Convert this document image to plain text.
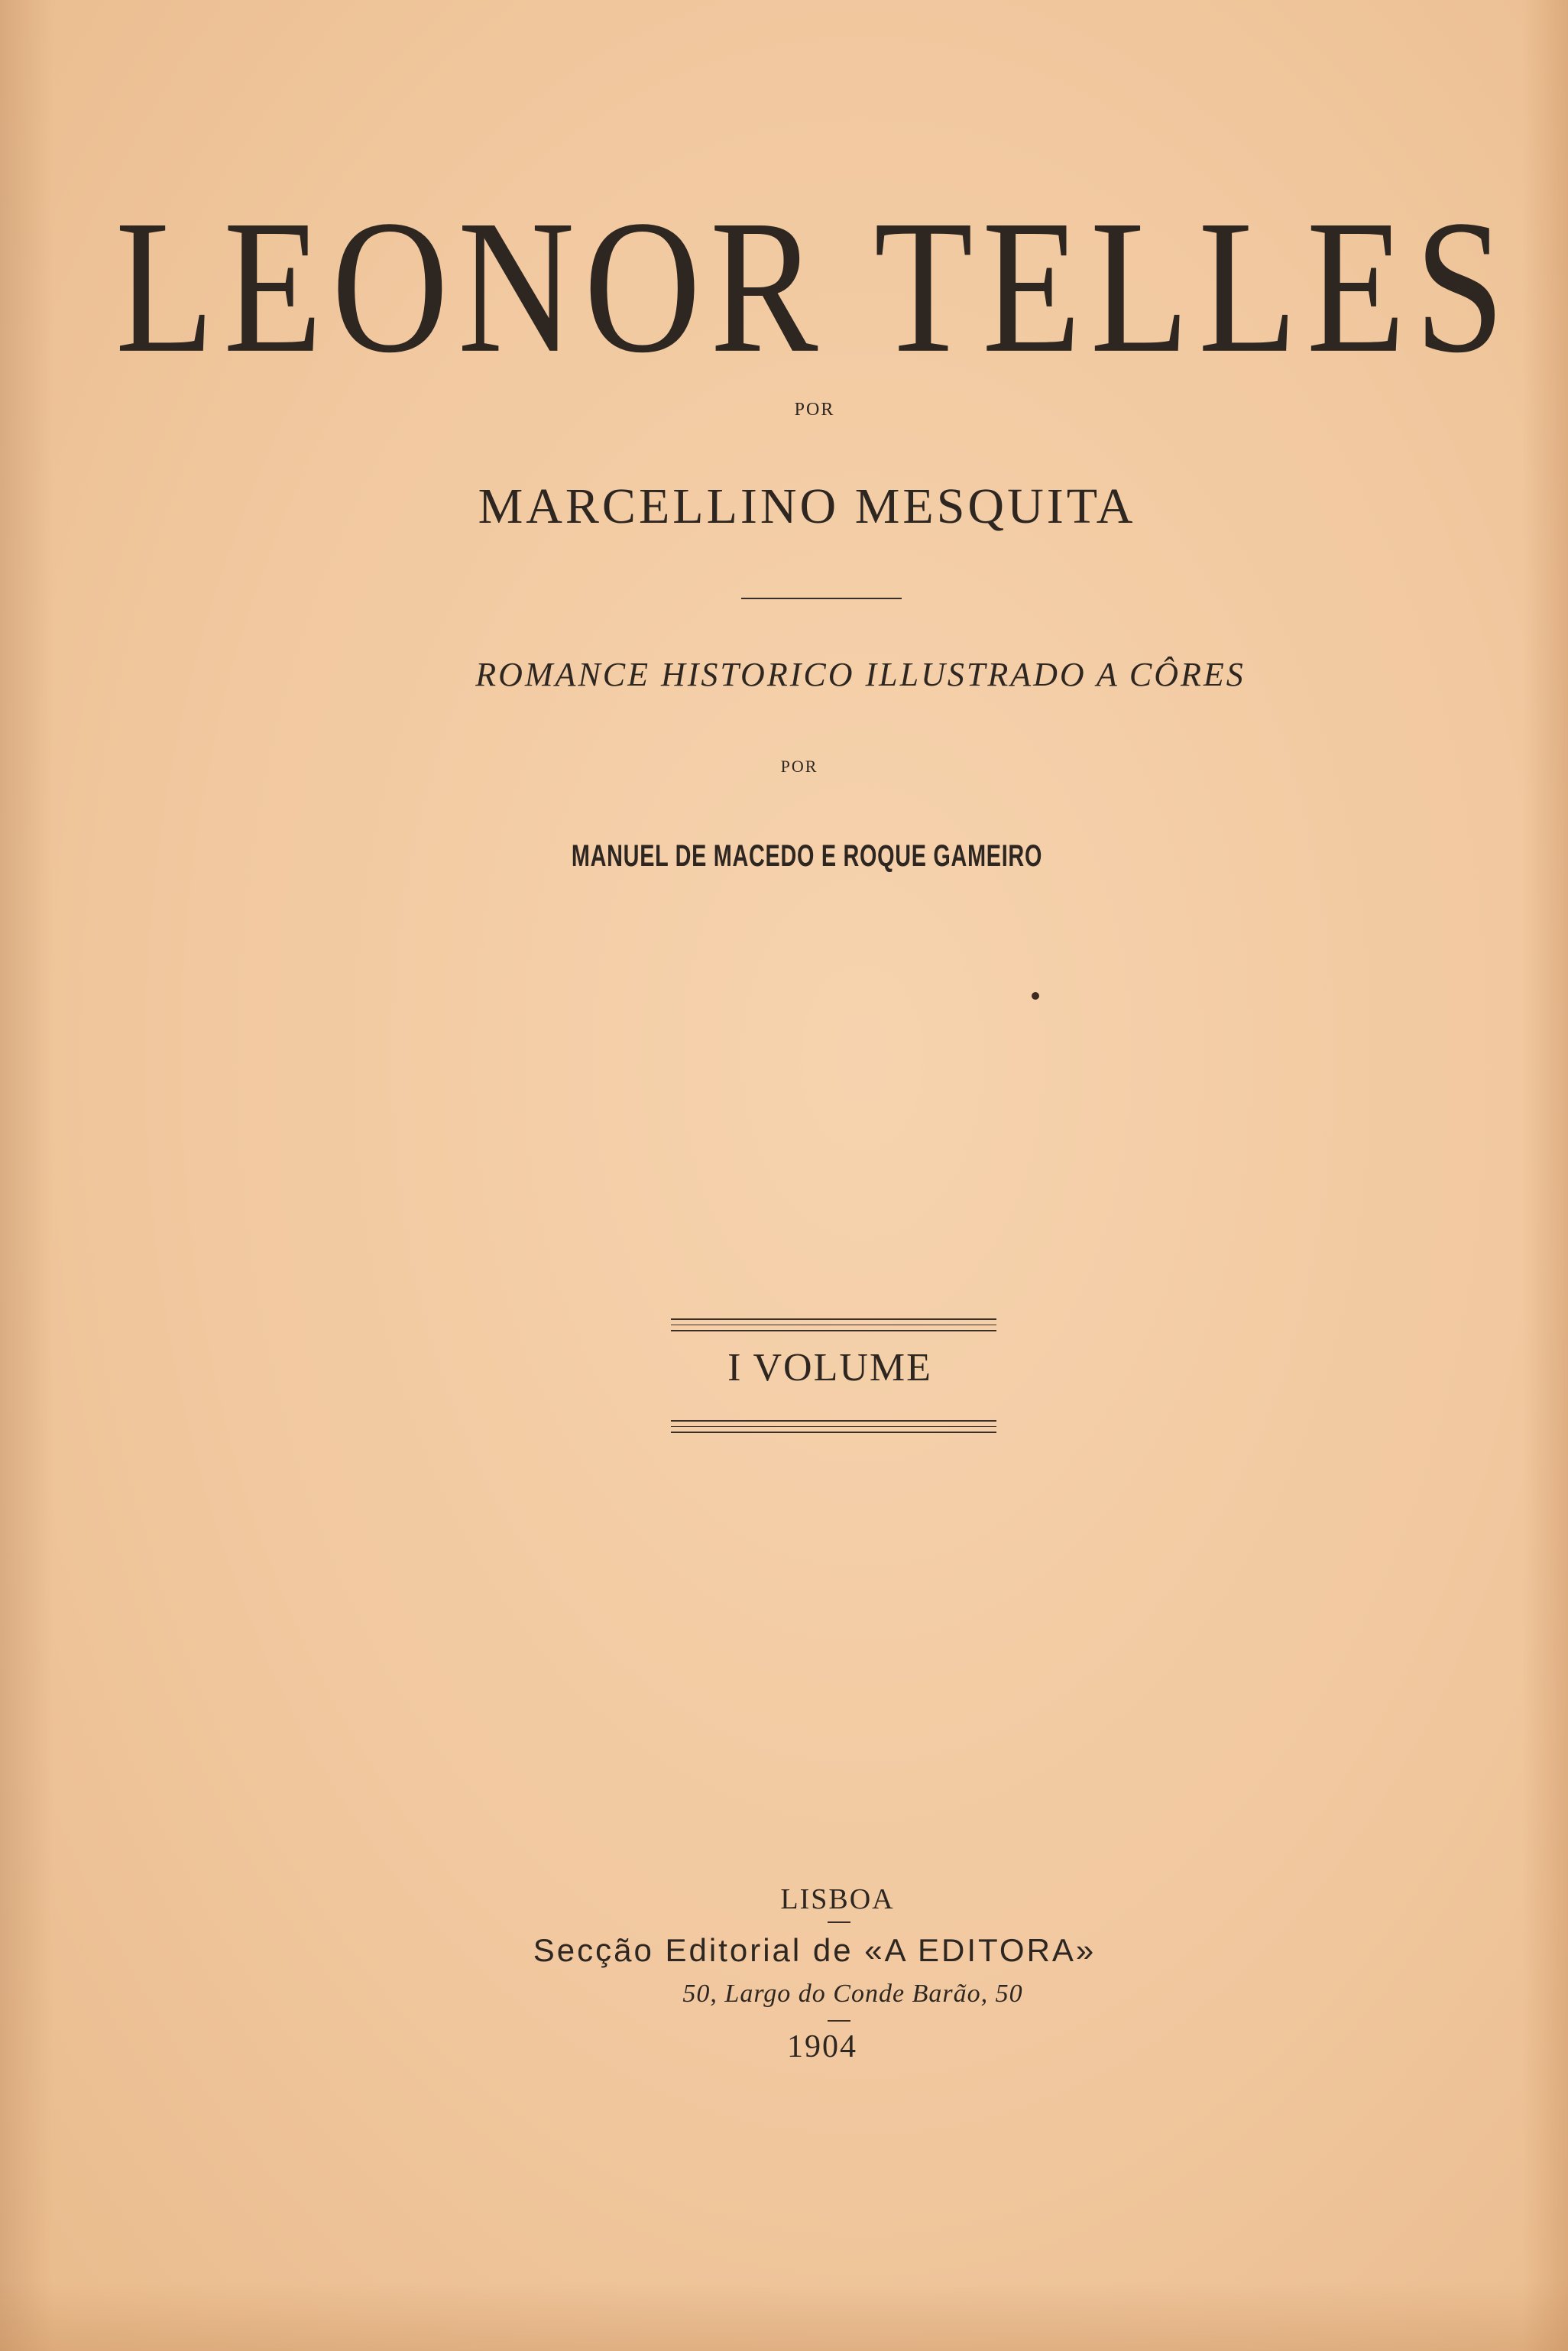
LEONOR TELLES
POR
MARCELLINO MESQUITA
ROMANCE HISTORICO ILLUSTRADO A CÔRES
POR
MANUEL DE MACEDO E ROQUE GAMEIRO
I VOLUME
LISBOA
Secção Editorial de «A EDITORA»
50, Largo do Conde Barão, 50
1904
